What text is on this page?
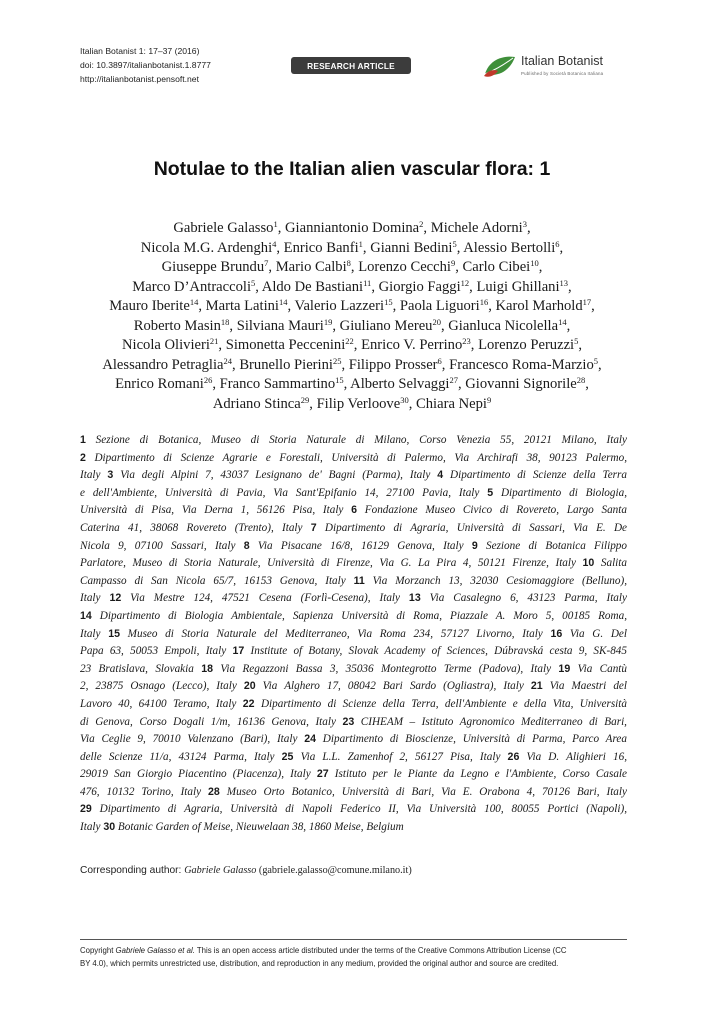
Italian Botanist 1: 17–37 (2016)
doi: 10.3897/italianbotanist.1.8777
http://italianbotanist.pensoft.net
RESEARCH ARTICLE	Italian Botanist
Published by Società Botanica Italiana
Notulae to the Italian alien vascular flora: 1
Gabriele Galasso$^1$, Gianniantonio Domina$^2$, Michele Adorni$^3$,
Nicola M.G. Ardenghi$^4$, Enrico Banfi$^1$, Gianni Bedini$^5$, Alessio Bertolli$^6$,
Giuseppe Brundu$^7$, Mario Calbi$^8$, Lorenzo Cecchi$^9$, Carlo Cibei$^{10}$,
Marco D’Antraccoli$^5$, Aldo De Bastiani$^{11}$, Giorgio Faggi$^{12}$, Luigi Ghillani$^{13}$,
Mauro Iberite$^{14}$, Marta Latini$^{14}$, Valerio Lazzeri$^{15}$, Paola Liguori$^{16}$, Karol Marhold$^{17}$,
Roberto Masin$^{18}$, Silviana Mauri$^{19}$, Giuliano Mereu$^{20}$, Gianluca Nicolella$^{14}$,
Nicola Olivieri$^{21}$, Simonetta Peccenini$^{22}$, Enrico V. Perrino$^{23}$, Lorenzo Peruzzi$^5$,
Alessandro Petraglia$^{24}$, Brunello Pierini$^{25}$, Filippo Prosser$^6$, Francesco Roma-Marzio$^5$,
Enrico Romani$^{26}$, Franco Sammartino$^{15}$, Alberto Selvaggi$^{27}$, Giovanni Signorile$^{28}$,
Adriano Stinca$^{29}$, Filip Verloove$^{30}$, Chiara Nepi$^9$
1 Sezione di Botanica, Museo di Storia Naturale di Milano, Corso Venezia 55, 20121 Milano, Italy
2 Dipartimento di Scienze Agrarie e Forestali, Università di Palermo, Via Archirafi 38, 90123 Palermo,
Italy 3 Via degli Alpini 7, 43037 Lesignano de' Bagni (Parma), Italy 4 Dipartimento di Scienze della Terra
e dell'Ambiente, Università di Pavia, Via Sant'Epifanio 14, 27100 Pavia, Italy 5 Dipartimento di Biologia,
Università di Pisa, Via Derna 1, 56126 Pisa, Italy 6 Fondazione Museo Civico di Rovereto, Largo Santa
Caterina 41, 38068 Rovereto (Trento), Italy 7 Dipartimento di Agraria, Università di Sassari, Via E. De
Nicola 9, 07100 Sassari, Italy 8 Via Pisacane 16/8, 16129 Genova, Italy 9 Sezione di Botanica Filippo
Parlatore, Museo di Storia Naturale, Università di Firenze, Via G. La Pira 4, 50121 Firenze, Italy 10 Salita
Campasso di San Nicola 65/7, 16153 Genova, Italy 11 Via Morzanch 13, 32030 Cesiomaggiore (Belluno),
Italy 12 Via Mestre 124, 47521 Cesena (Forlì-Cesena), Italy 13 Via Casalegno 6, 43123 Parma, Italy
14 Dipartimento di Biologia Ambientale, Sapienza Università di Roma, Piazzale A. Moro 5, 00185 Roma,
Italy 15 Museo di Storia Naturale del Mediterraneo, Via Roma 234, 57127 Livorno, Italy 16 Via G. Del
Papa 63, 50053 Empoli, Italy 17 Institute of Botany, Slovak Academy of Sciences, Dúbravská cesta 9, SK-845
23 Bratislava, Slovakia 18 Via Regazzoni Bassa 3, 35036 Montegrotto Terme (Padova), Italy 19 Via Cantù
2, 23875 Osnago (Lecco), Italy 20 Via Alghero 17, 08042 Bari Sardo (Ogliastra), Italy 21 Via Maestri del
Lavoro 40, 64100 Teramo, Italy 22 Dipartimento di Scienze della Terra, dell'Ambiente e della Vita, Università
di Genova, Corso Dogali 1/m, 16136 Genova, Italy 23 CIHEAM – Istituto Agronomico Mediterraneo di Bari,
Via Ceglie 9, 70010 Valenzano (Bari), Italy 24 Dipartimento di Bioscienze, Università di Parma, Parco Area
delle Scienze 11/a, 43124 Parma, Italy 25 Via L.L. Zamenhof 2, 56127 Pisa, Italy 26 Via D. Alighieri 16,
29019 San Giorgio Piacentino (Piacenza), Italy 27 Istituto per le Piante da Legno e l'Ambiente, Corso Casale
476, 10132 Torino, Italy 28 Museo Orto Botanico, Università di Bari, Via E. Orabona 4, 70126 Bari, Italy
29 Dipartimento di Agraria, Università di Napoli Federico II, Via Università 100, 80055 Portici (Napoli),
Italy 30 Botanic Garden of Meise, Nieuwelaan 38, 1860 Meise, Belgium
Corresponding author: Gabriele Galasso (gabriele.galasso@comune.milano.it)
Copyright Gabriele Galasso et al. This is an open access article distributed under the terms of the Creative Commons Attribution License (CC
BY 4.0), which permits unrestricted use, distribution, and reproduction in any medium, provided the original author and source are credited.
